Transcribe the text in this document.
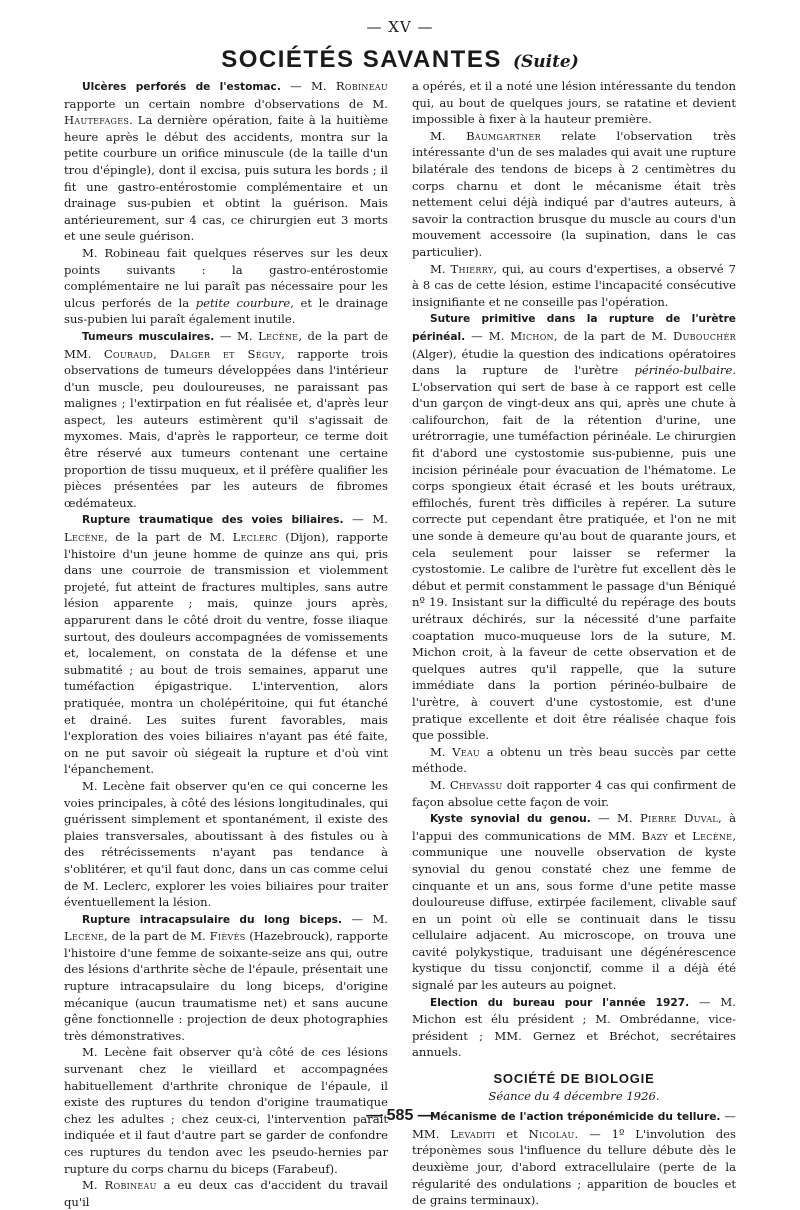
— XV —
SOCIÉTÉS SAVANTES (Suite)

Ulcères perforés de l'estomac. — M. Robineau rapporte un certain nombre d'observations de M. Hautefages. La dernière opération, faite à la huitième heure après le début des accidents, montra sur la petite courbure un orifice minuscule (de la taille d'un trou d'épingle), dont il excisa, puis sutura les bords ; il fit une gastro-entérostomie complémentaire et un drainage sus-pubien et obtint la guérison. Mais antérieurement, sur 4 cas, ce chirurgien eut 3 morts et une seule guérison.

M. Robineau fait quelques réserves sur les deux points suivants : la gastro-entérostomie complémentaire ne lui paraît pas nécessaire pour les ulcus perforés de la petite courbure, et le drainage sus-pubien lui paraît également inutile.

Tumeurs musculaires. — M. Lecène, de la part de MM. Couraud, Dalger et Séguy, rapporte trois observations de tumeurs développées dans l'intérieur d'un muscle, peu douloureuses, ne paraissant pas malignes ; l'extirpation en fut réalisée et, d'après leur aspect, les auteurs estimèrent qu'il s'agissait de myxomes. Mais, d'après le rapporteur, ce terme doit être réservé aux tumeurs contenant une certaine proportion de tissu muqueux, et il préfère qualifier les pièces présentées par les auteurs de fibromes œdémateux.

Rupture traumatique des voies biliaires. — M. Lecène, de la part de M. Leclerc (Dijon), rapporte l'histoire d'un jeune homme de quinze ans qui, pris dans une courroie de transmission et violemment projeté, fut atteint de fractures multiples, sans autre lésion apparente ; mais, quinze jours après, apparurent dans le côté droit du ventre, fosse iliaque surtout, des douleurs accompagnées de vomissements et, localement, on constata de la défense et une submatité ; au bout de trois semaines, apparut une tuméfaction épigastrique. L'intervention, alors pratiquée, montra un cholépéritoine, qui fut étanché et drainé. Les suites furent favorables, mais l'exploration des voies biliaires n'ayant pas été faite, on ne put savoir où siégeait la rupture et d'où vint l'épanchement.

M. Lecène fait observer qu'en ce qui concerne les voies principales, à côté des lésions longitudinales, qui guérissent simplement et spontanément, il existe des plaies transversales, aboutissant à des fistules ou à des rétrécissements n'ayant pas tendance à s'oblitérer, et qu'il faut donc, dans un cas comme celui de M. Leclerc, explorer les voies biliaires pour traiter éventuellement la lésion.

Rupture intracapsulaire du long biceps. — M. Lecène, de la part de M. Fièvés (Hazebrouck), rapporte l'histoire d'une femme de soixante-seize ans qui, outre des lésions d'arthrite sèche de l'épaule, présentait une rupture intracapsulaire du long biceps, d'origine mécanique (aucun traumatisme net) et sans aucune gêne fonctionnelle : projection de deux photographies très démonstratives.

M. Lecène fait observer qu'à côté de ces lésions survenant chez le vieillard et accompagnées habituellement d'arthrite chronique de l'épaule, il existe des ruptures du tendon d'origine traumatique chez les adultes ; chez ceux-ci, l'intervention paraît indiquée et il faut d'autre part se garder de confondre ces ruptures du tendon avec les pseudo-hernies par rupture du corps charnu du biceps (Farabeuf).

M. Robineau a eu deux cas d'accident du travail qu'il

a opérés, et il a noté une lésion intéressante du tendon qui, au bout de quelques jours, se ratatine et devient impossible à fixer à la hauteur première.

M. Baumgartner relate l'observation très intéressante d'un de ses malades qui avait une rupture bilatérale des tendons de biceps à 2 centimètres du corps charnu et dont le mécanisme était très nettement celui déjà indiqué par d'autres auteurs, à savoir la contraction brusque du muscle au cours d'un mouvement accessoire (la supination, dans le cas particulier).

M. Thierry, qui, au cours d'expertises, a observé 7 à 8 cas de cette lésion, estime l'incapacité consécutive insignifiante et ne conseille pas l'opération.

Suture primitive dans la rupture de l'urètre périnéal. — M. Michon, de la part de M. Dubouchér (Alger), étudie la question des indications opératoires dans la rupture de l'urètre périnéo-bulbaire. L'observation qui sert de base à ce rapport est celle d'un garçon de vingt-deux ans qui, après une chute à califourchon, fait de la rétention d'urine, une urétrorragie, une tuméfaction périnéale. Le chirurgien fit d'abord une cystostomie sus-pubienne, puis une incision périnéale pour évacuation de l'hématome. Le corps spongieux était écrasé et les bouts urétraux, effilochés, furent très difficiles à repérer. La suture correcte put cependant être pratiquée, et l'on ne mit une sonde à demeure qu'au bout de quarante jours, et cela seulement pour laisser se refermer la cystostomie. Le calibre de l'urètre fut excellent dès le début et permit constamment le passage d'un Béniqué nº 19. Insistant sur la difficulté du repérage des bouts urétraux déchirés, sur la nécessité d'une parfaite coaptation muco-muqueuse lors de la suture, M. Michon croit, à la faveur de cette observation et de quelques autres qu'il rappelle, que la suture immédiate dans la portion périnéo-bulbaire de l'urètre, à couvert d'une cystostomie, est d'une pratique excellente et doit être réalisée chaque fois que possible.

M. Veau a obtenu un très beau succès par cette méthode.

M. Chevassu doit rapporter 4 cas qui confirment de façon absolue cette façon de voir.

Kyste synovial du genou. — M. Pierre Duval, à l'appui des communications de MM. Bazy et Lecène, communique une nouvelle observation de kyste synovial du genou constaté chez une femme de cinquante et un ans, sous forme d'une petite masse douloureuse diffuse, extirpée facilement, clivable sauf en un point où elle se continuait dans le tissu cellulaire adjacent. Au microscope, on trouva une cavité polykystique, traduisant une dégénérescence kystique du tissu conjonctif, comme il a déjà été signalé par les auteurs au poignet.

Election du bureau pour l'année 1927. — M. Michon est élu président ; M. Ombrédanne, vice-président ; MM. Gernez et Bréchot, secrétaires annuels.

SOCIÉTÉ DE BIOLOGIE

Séance du 4 décembre 1926.

Mécanisme de l'action tréponémicide du tellure. — MM. Levaditi et Nicolau. — 1º L'involution des tréponèmes sous l'influence du tellure débute dès le deuxième jour, d'abord extracellulaire (perte de la régularité des ondulations ; apparition de boucles et de grains terminaux).

— 585 —
